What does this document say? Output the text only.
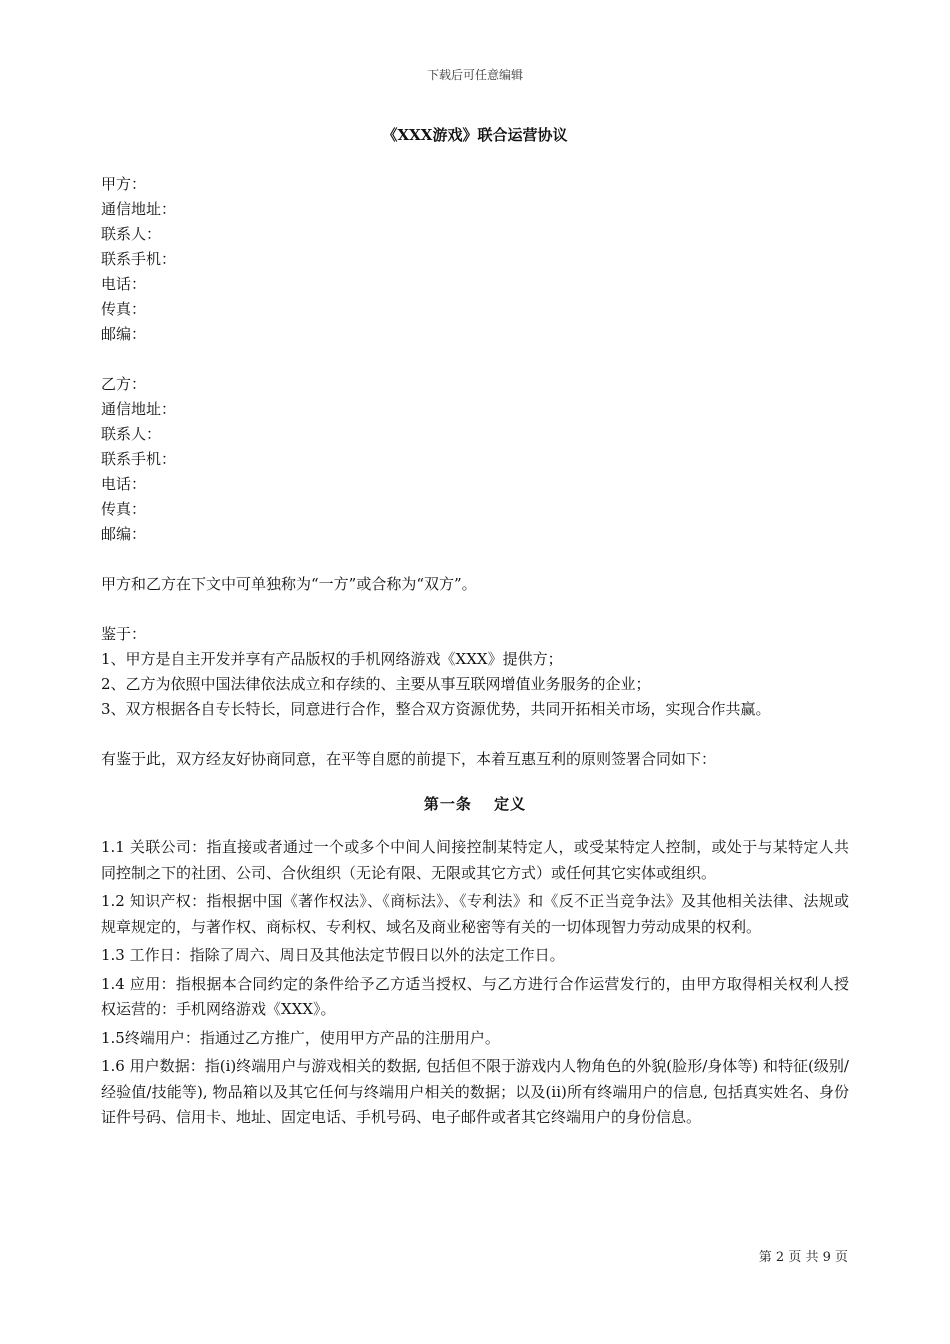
下载后可任意编辑
《XXX游戏》联合运营协议
甲方：
通信地址：
联系人：
联系手机：
电话：
传真：
邮编：
乙方：
通信地址：
联系人：
联系手机：
电话：
传真：
邮编：
甲方和乙方在下文中可单独称为“一方”或合称为“双方”。
鉴于：
1、甲方是自主开发并享有产品版权的手机网络游戏《XXX》提供方；
2、乙方为依照中国法律依法成立和存续的、主要从事互联网增值业务服务的企业；
3、双方根据各自专长特长，同意进行合作，整合双方资源优势，共同开拓相关市场，实现合作共赢。
有鉴于此，双方经友好协商同意，在平等自愿的前提下，本着互惠互利的原则签署合同如下：
第一条　 定义
1.1 关联公司：指直接或者通过一个或多个中间人间接控制某特定人，或受某特定人控制，或处于与某特定人共同控制之下的社团、公司、合伙组织（无论有限、无限或其它方式）或任何其它实体或组织。
1.2 知识产权：指根据中国《著作权法》、《商标法》、《专利法》和《反不正当竞争法》及其他相关法律、法规或规章规定的，与著作权、商标权、专利权、域名及商业秘密等有关的一切体现智力劳动成果的权利。
1.3 工作日：指除了周六、周日及其他法定节假日以外的法定工作日。
1.4 应用：指根据本合同约定的条件给予乙方适当授权、与乙方进行合作运营发行的，由甲方取得相关权利人授权运营的：手机网络游戏《XXX》。
1.5终端用户：指通过乙方推广，使用甲方产品的注册用户。
1.6 用户数据：指(i)终端用户与游戏相关的数据, 包括但不限于游戏内人物角色的外貌(脸形/身体等) 和特征(级别/经验值/技能等), 物品箱以及其它任何与终端用户相关的数据；以及(ii)所有终端用户的信息, 包括真实姓名、身份证件号码、信用卡、地址、固定电话、手机号码、电子邮件或者其它终端用户的身份信息。
第 2 页 共 9 页
